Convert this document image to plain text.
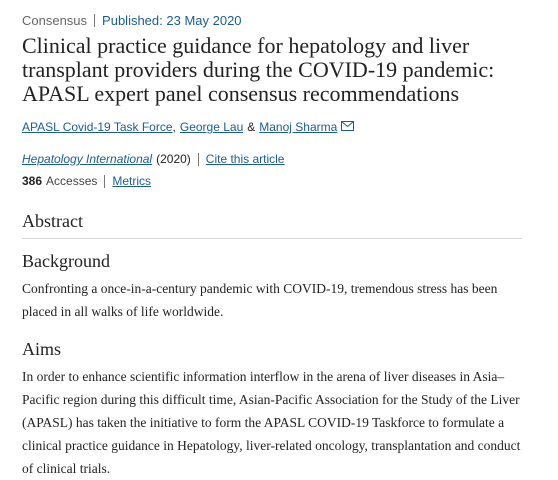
Consensus Published: 23 May 2020
Clinical practice guidance for hepatology and liver transplant providers during the COVID-19 pandemic: APASL expert panel consensus recommendations
APASL Covid-19 Task Force , George Lau & Manoj Sharma
Hepatology International (2020) Cite this article
386 Accesses Metrics
Abstract
Background
Confronting a once-in-a-century pandemic with COVID-19, tremendous stress has been placed in all walks of life worldwide.
Aims
In order to enhance scientific information interflow in the arena of liver diseases in Asia–Pacific region during this difficult time, Asian-Pacific Association for the Study of the Liver (APASL) has taken the initiative to form the APASL COVID-19 Taskforce to formulate a clinical practice guidance in Hepatology, liver-related oncology, transplantation and conduct of clinical trials.
